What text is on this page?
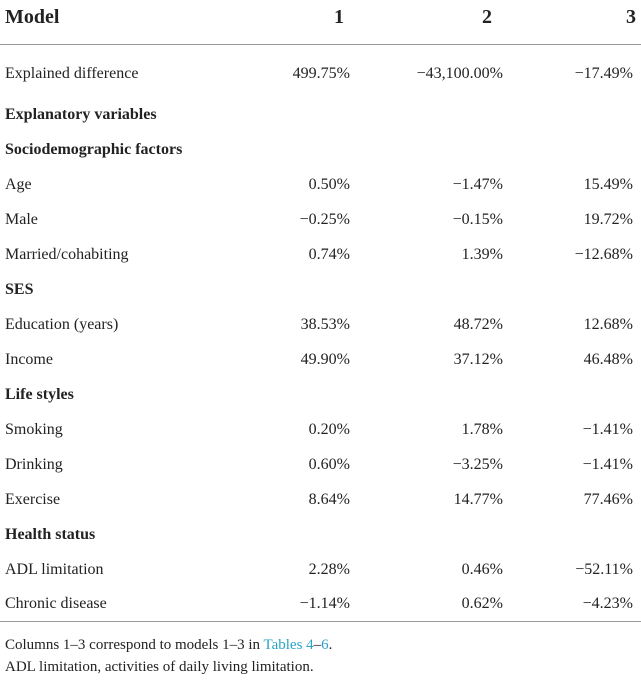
Model	1	2	3
Explained difference	499.75%	−43,100.00%	−17.49%
Explanatory variables			
Sociodemographic factors			
Age	0.50%	−1.47%	15.49%
Male	−0.25%	−0.15%	19.72%
Married/cohabiting	0.74%	1.39%	−12.68%
SES			
Education (years)	38.53%	48.72%	12.68%
Income	49.90%	37.12%	46.48%
Life styles			
Smoking	0.20%	1.78%	−1.41%
Drinking	0.60%	−3.25%	−1.41%
Exercise	8.64%	14.77%	77.46%
Health status			
ADL limitation	2.28%	0.46%	−52.11%
Chronic disease	−1.14%	0.62%	−4.23%
Columns 1–3 correspond to models 1–3 in Tables 4–6.
ADL limitation, activities of daily living limitation.
